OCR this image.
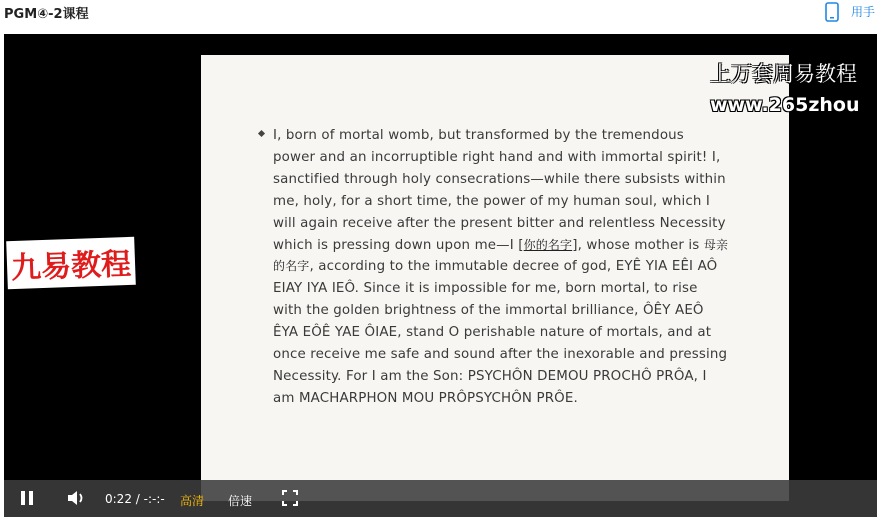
PGM④-2课程	用手
I, born of mortal womb, but transformed by the tremendous power and an incorruptible right hand and with immortal spirit! I, sanctified through holy consecrations—while there subsists within me, holy, for a short time, the power of my human soul, which I will again receive after the present bitter and relentless Necessity which is pressing down upon me—I [你的名字], whose mother is 母亲的名字, according to the immutable decree of god, EYÊ YIA EÊI AÔ EIAY IYA IEÔ. Since it is impossible for me, born mortal, to rise with the golden brightness of the immortal brilliance, ÔÊY AEÔ ÊYA EÔÊ YAE ÔIAE, stand O perishable nature of mortals, and at once receive me safe and sound after the inexorable and pressing Necessity. For I am the Son: PSYCHÔN DEMOU PROCHÔ PRÔA, I am MACHARPHON MOU PRÔPSYCHÔN PRÔE.
九易教程
上万套周易教程
www.265zhou
0:22 / -:-:- 高清 倍速
